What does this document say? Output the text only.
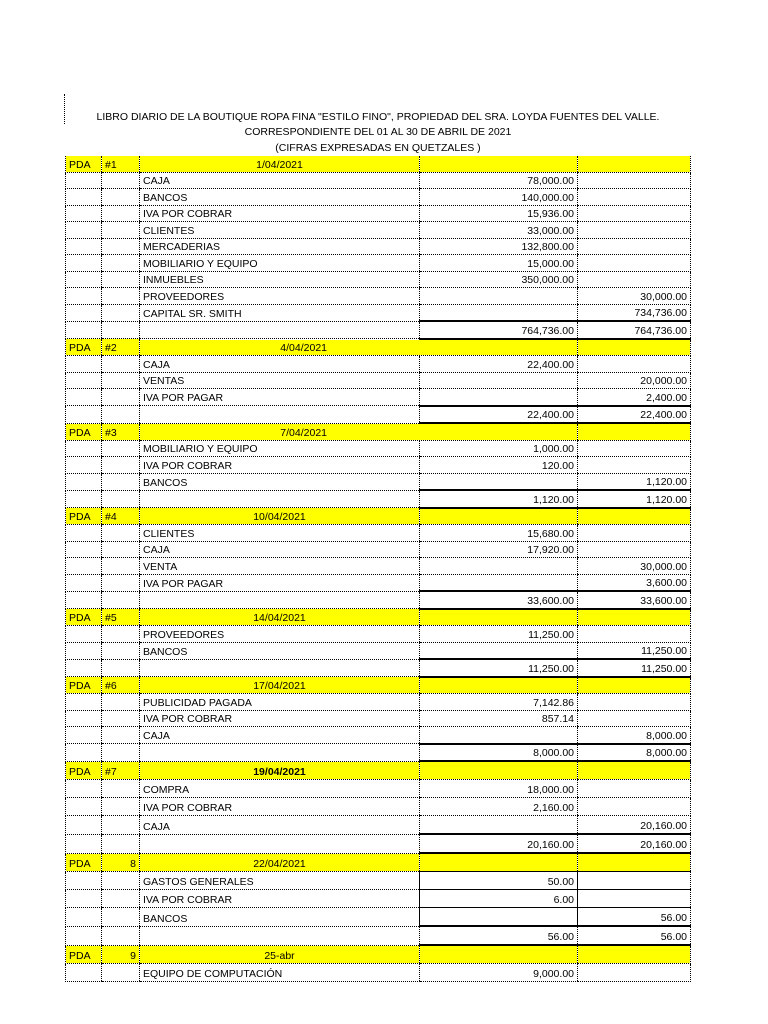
LIBRO DIARIO DE LA BOUTIQUE ROPA FINA "ESTILO FINO", PROPIEDAD DEL SRA. LOYDA FUENTES DEL VALLE.
CORRESPONDIENTE DEL 01 AL 30 DE ABRIL DE 2021
(CIFRAS EXPRESADAS EN QUETZALES )
PDA	#1	1/04/2021		
		CAJA	78,000.00	
		BANCOS	140,000.00	
		IVA POR COBRAR	15,936.00	
		CLIENTES	33,000.00	
		MERCADERIAS	132,800.00	
		MOBILIARIO Y EQUIPO	15,000.00	
		INMUEBLES	350,000.00	
		PROVEEDORES		30,000.00
		CAPITAL SR. SMITH		734,736.00
			764,736.00	764,736.00
PDA	#2	4/04/2021		
		CAJA	22,400.00	
		VENTAS		20,000.00
		IVA POR PAGAR		2,400.00
			22,400.00	22,400.00
PDA	#3	7/04/2021		
		MOBILIARIO Y EQUIPO	1,000.00	
		IVA POR COBRAR	120.00	
		BANCOS		1,120.00
			1,120.00	1,120.00
PDA	#4	10/04/2021		
		CLIENTES	15,680.00	
		CAJA	17,920.00	
		VENTA		30,000.00
		IVA POR PAGAR		3,600.00
			33,600.00	33,600.00
PDA	#5	14/04/2021		
		PROVEEDORES	11,250.00	
		BANCOS		11,250.00
			11,250.00	11,250.00
PDA	#6	17/04/2021		
		PUBLICIDAD PAGADA	7,142.86	
		IVA POR COBRAR	857.14	
		CAJA		8,000.00
			8,000.00	8,000.00
PDA	#7	19/04/2021		
		COMPRA	18,000.00	
		IVA POR COBRAR	2,160.00	
		CAJA		20,160.00
			20,160.00	20,160.00
PDA	8	22/04/2021		
		GASTOS GENERALES	50.00	
		IVA POR COBRAR	6.00	
		BANCOS		56.00
			56.00	56.00
PDA	9	25-abr		
		EQUIPO DE COMPUTACIÓN	9,000.00	
